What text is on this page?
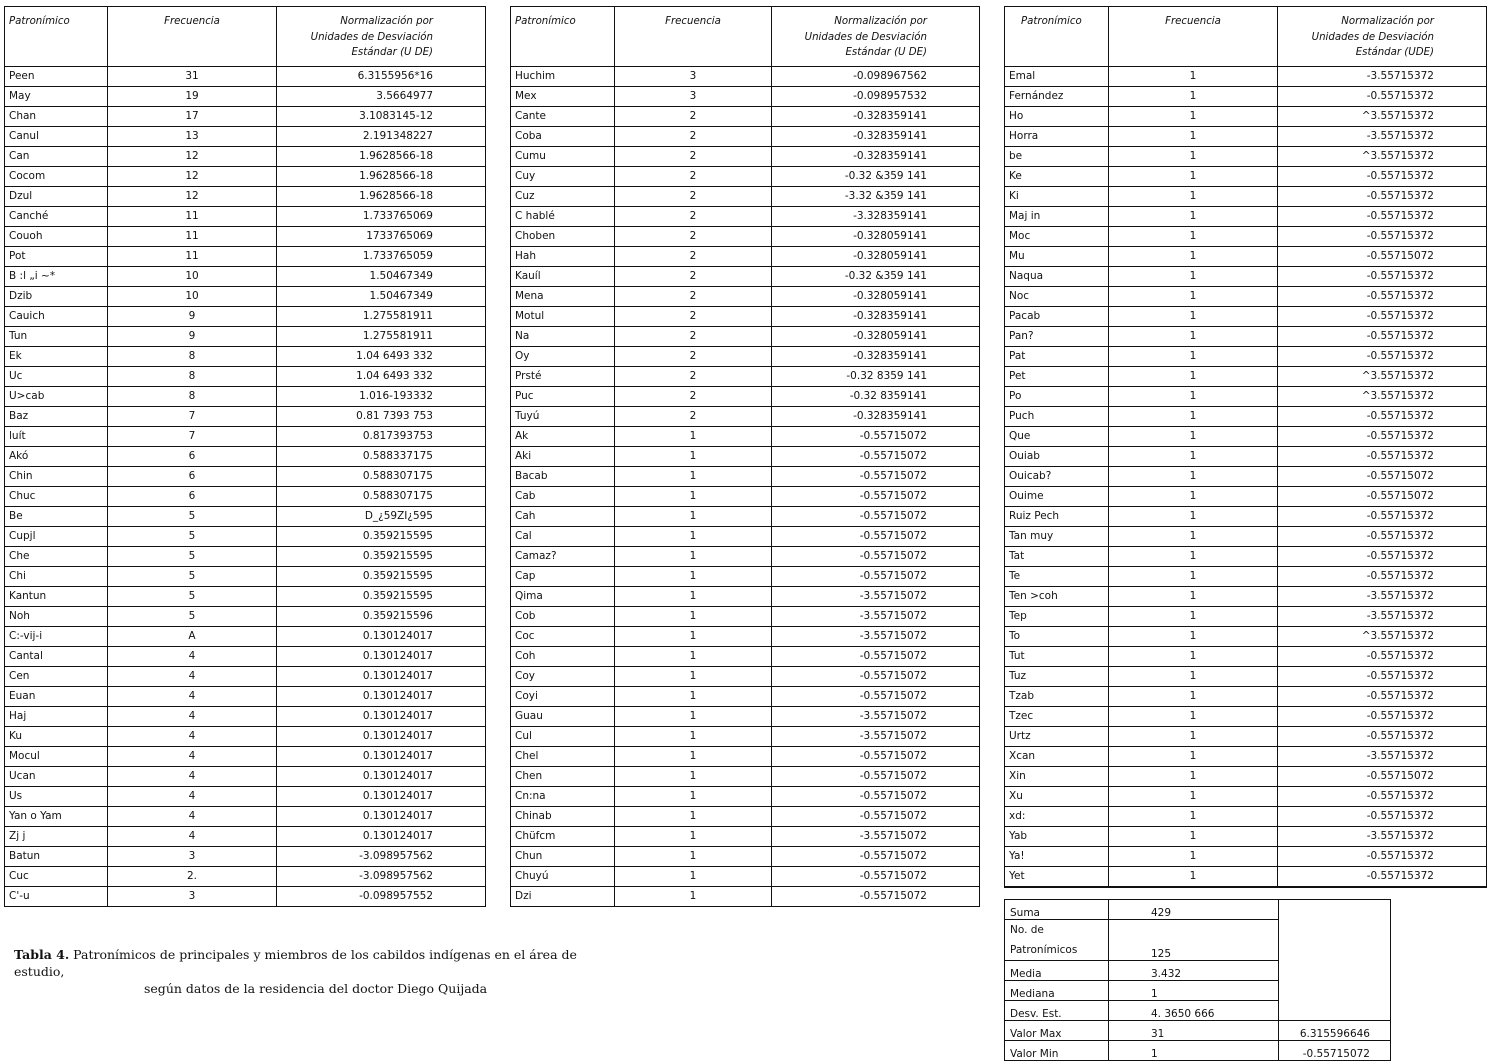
Patronímico	Frecuencia	Normalización por
Unidades de Desviación
Estándar (U DE)
Peen	31	6.3155956*16
May	19	3.5664977
Chan	17	3.1083145-12
Canul	13	2.191348227
Can	12	1.9628566-18
Cocom	12	1.9628566-18
Dzul	12	1.9628566-18
Canché	11	1.733765069
Couoh	11	1733765069
Pot	11	1.733765059
B :l „i ~*	10	1.50467349
Dzib	10	1.50467349
Cauich	9	1.275581911
Tun	9	1.275581911
Ek	8	1.04 6493 332
Uc	8	1.04 6493 332
U>cab	8	1.016-193332
Baz	7	0.81 7393 753
luít	7	0.817393753
Akó	6	0.588337175
Chin	6	0.588307175
Chuc	6	0.588307175
Be	5	D_¿59ZI¿595
Cupjl	5	0.359215595
Che	5	0.359215595
Chi	5	0.359215595
Kantun	5	0.359215595
Noh	5	0.359215596
C:-vij-i	A	0.130124017
Cantal	4	0.130124017
Cen	4	0.130124017
Euan	4	0.130124017
Haj	4	0.130124017
Ku	4	0.130124017
Mocul	4	0.130124017
Ucan	4	0.130124017
Us	4	0.130124017
Yan o Yam	4	0.130124017
Zj j	4	0.130124017
Batun	3	-3.098957562
Cuc	2.	-3.098957562
C'-u	3	-0.098957552
Patronímico	Frecuencia	Normalización por
Unidades de Desviación
Estándar (U DE)
Huchim	3	-0.098967562
Mex	3	-0.098957532
Cante	2	-0.328359141
Coba	2	-0.328359141
Cumu	2	-0.328359141
Cuy	2	-0.32 &359 141
Cuz	2	-3.32 &359 141
C hablé	2	-3.328359141
Choben	2	-0.328059141
Hah	2	-0.328059141
Kauíl	2	-0.32 &359 141
Mena	2	-0.328059141
Motul	2	-0.328359141
Na	2	-0.328059141
Oy	2	-0.328359141
Prsté	2	-0.32 8359 141
Puc	2	-0.32 8359141
Tuyú	2	-0.328359141
Ak	1	-0.55715072
Aki	1	-0.55715072
Bacab	1	-0.55715072
Cab	1	-0.55715072
Cah	1	-0.55715072
Cal	1	-0.55715072
Camaz?	1	-0.55715072
Cap	1	-0.55715072
Qima	1	-3.55715072
Cob	1	-3.55715072
Coc	1	-3.55715072
Coh	1	-0.55715072
Coy	1	-0.55715072
Coyi	1	-0.55715072
Guau	1	-3.55715072
Cul	1	-3.55715072
Chel	1	-0.55715072
Chen	1	-0.55715072
Cn:na	1	-0.55715072
Chinab	1	-0.55715072
Chüfcm	1	-3.55715072
Chun	1	-0.55715072
Chuyú	1	-0.55715072
Dzi	1	-0.55715072
Patronímico	Frecuencia	Normalización por
Unidades de Desviación
Estándar (UDE)
Emal	1	-3.55715372
Fernández	1	-0.55715372
Ho	1	^3.55715372
Horra	1	-3.55715372
be	1	^3.55715372
Ke	1	-0.55715372
Ki	1	-0.55715372
Maj in	1	-0.55715372
Moc	1	-0.55715372
Mu	1	-0.55715072
Naqua	1	-0.55715372
Noc	1	-0.55715372
Pacab	1	-0.55715372
Pan?	1	-0.55715372
Pat	1	-0.55715372
Pet	1	^3.55715372
Po	1	^3.55715372
Puch	1	-0.55715372
Que	1	-0.55715372
Ouiab	1	-0.55715372
Ouicab?	1	-0.55715072
Ouime	1	-0.55715072
Ruiz Pech	1	-0.55715372
Tan muy	1	-0.55715372
Tat	1	-0.55715372
Te	1	-0.55715372
Ten >coh	1	-3.55715372
Tep	1	-3.55715372
To	1	^3.55715372
Tut	1	-0.55715372
Tuz	1	-0.55715372
Tzab	1	-0.55715372
Tzec	1	-0.55715372
Urtz	1	-0.55715372
Xcan	1	-3.55715372
Xin	1	-0.55715072
Xu	1	-0.55715372
xd:	1	-0.55715372
Yab	1	-3.55715372
Ya!	1	-0.55715372
Yet	1	-0.55715372
Suma	429	
No. de
Patronímicos	125	
Media	3.432	
Mediana	1	
Desv. Est.	4. 3650 666	
Valor Max	31	6.315596646
Valor Min	1	-0.55715072
Tabla 4. Patronímicos de principales y miembros de los cabildos indígenas en el área de estudio,
según datos de la residencia del doctor Diego Quijada
